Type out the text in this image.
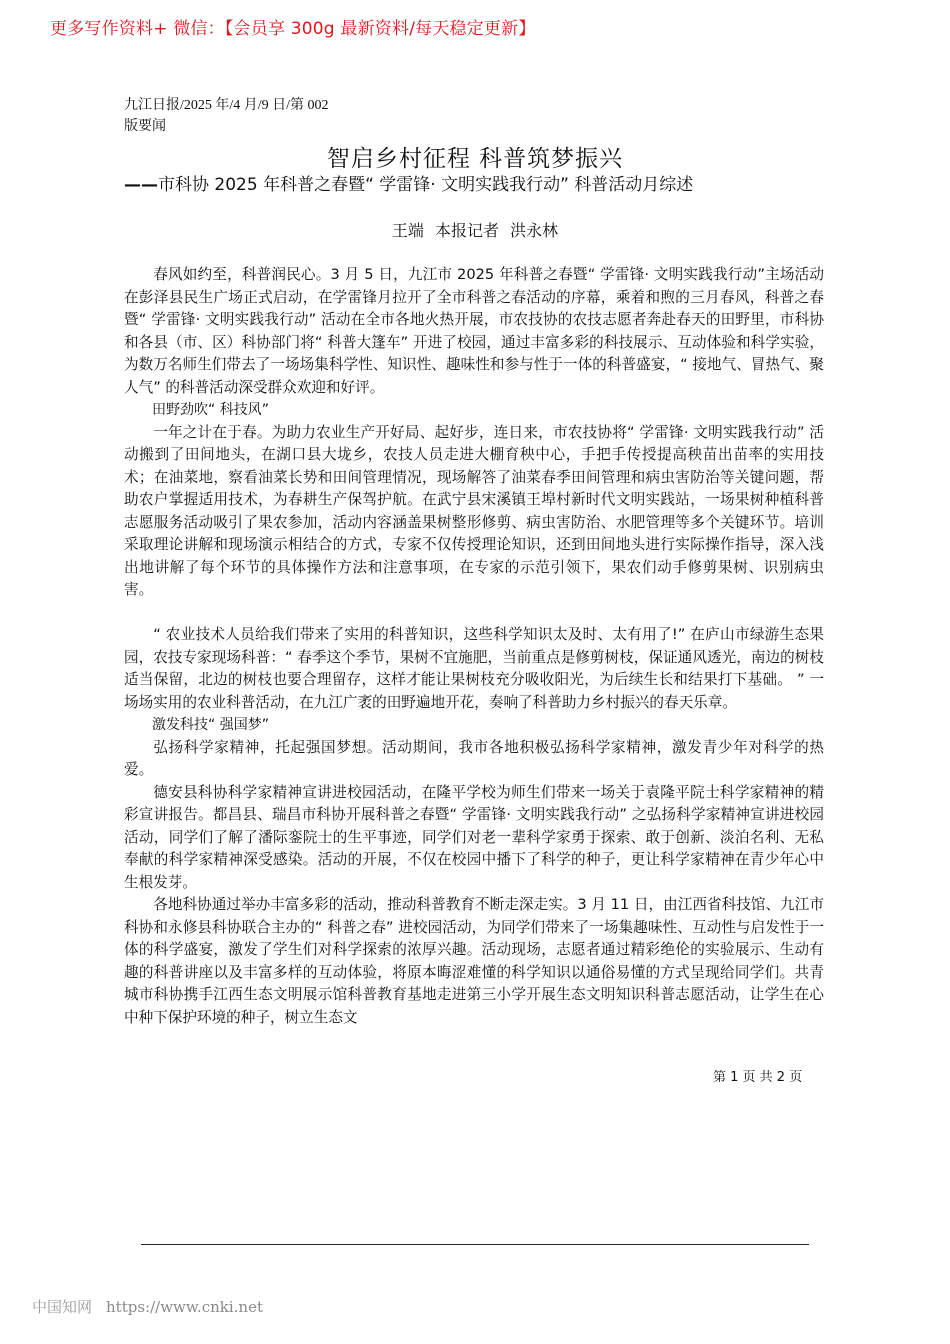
更多写作资料+ 微信：【会员享 300g 最新资料/每天稳定更新】
九江日报/2025 年/4 月/9 日/第 002
版要闻
智启乡村征程 科普筑梦振兴
——市科协 2025 年科普之春暨“ 学雷锋· 文明实践我行动” 科普活动月综述
王端 本报记者 洪永林

春风如约至，科普润民心。3 月 5 日，九江市 2025 年科普之春暨“ 学雷锋· 文明实践我行动”主场活动在彭泽县民生广场正式启动，在学雷锋月拉开了全市科普之春活动的序幕，乘着和煦的三月春风，科普之春暨“ 学雷锋· 文明实践我行动” 活动在全市各地火热开展，市农技协的农技志愿者奔赴春天的田野里，市科协和各县（市、区）科协部门将“ 科普大篷车” 开进了校园，通过丰富多彩的科技展示、互动体验和科学实验，为数万名师生们带去了一场场集科学性、知识性、趣味性和参与性于一体的科普盛宴，“ 接地气、冒热气、聚人气” 的科普活动深受群众欢迎和好评。

田野劲吹“ 科技风”

一年之计在于春。为助力农业生产开好局、起好步，连日来，市农技协将“ 学雷锋· 文明实践我行动” 活动搬到了田间地头，在湖口县大垅乡，农技人员走进大棚育秧中心，手把手传授提高秧苗出苗率的实用技术；在油菜地，察看油菜长势和田间管理情况，现场解答了油菜春季田间管理和病虫害防治等关键问题，帮助农户掌握适用技术，为春耕生产保驾护航。在武宁县宋溪镇王埠村新时代文明实践站，一场果树种植科普志愿服务活动吸引了果农参加，活动内容涵盖果树整形修剪、病虫害防治、水肥管理等多个关键环节。培训采取理论讲解和现场演示相结合的方式，专家不仅传授理论知识，还到田间地头进行实际操作指导，深入浅出地讲解了每个环节的具体操作方法和注意事项，在专家的示范引领下，果农们动手修剪果树、识别病虫害。

“ 农业技术人员给我们带来了实用的科普知识，这些科学知识太及时、太有用了!” 在庐山市绿游生态果园，农技专家现场科普：“ 春季这个季节，果树不宜施肥，当前重点是修剪树枝，保证通风透光，南边的树枝适当保留，北边的树枝也要合理留存，这样才能让果树枝充分吸收阳光，为后续生长和结果打下基础。 ” 一场场实用的农业科普活动，在九江广袤的田野遍地开花，奏响了科普助力乡村振兴的春天乐章。

激发科技“ 强国梦”

弘扬科学家精神，托起强国梦想。活动期间，我市各地积极弘扬科学家精神，激发青少年对科学的热爱。

德安县科协科学家精神宣讲进校园活动，在隆平学校为师生们带来一场关于袁隆平院士科学家精神的精彩宣讲报告。都昌县、瑞昌市科协开展科普之春暨“ 学雷锋· 文明实践我行动” 之弘扬科学家精神宣讲进校园活动，同学们了解了潘际銮院士的生平事迹，同学们对老一辈科学家勇于探索、敢于创新、淡泊名利、无私奉献的科学家精神深受感染。活动的开展，不仅在校园中播下了科学的种子，更让科学家精神在青少年心中生根发芽。

各地科协通过举办丰富多彩的活动，推动科普教育不断走深走实。3 月 11 日，由江西省科技馆、九江市科协和永修县科协联合主办的“ 科普之春” 进校园活动，为同学们带来了一场集趣味性、互动性与启发性于一体的科学盛宴，激发了学生们对科学探索的浓厚兴趣。活动现场，志愿者通过精彩绝伦的实验展示、生动有趣的科普讲座以及丰富多样的互动体验，将原本晦涩难懂的科学知识以通俗易懂的方式呈现给同学们。共青城市科协携手江西生态文明展示馆科普教育基地走进第三小学开展生态文明知识科普志愿活动，让学生在心中种下保护环境的种子，树立生态文

第 1 页 共 2 页
中国知网 https://www.cnki.net
